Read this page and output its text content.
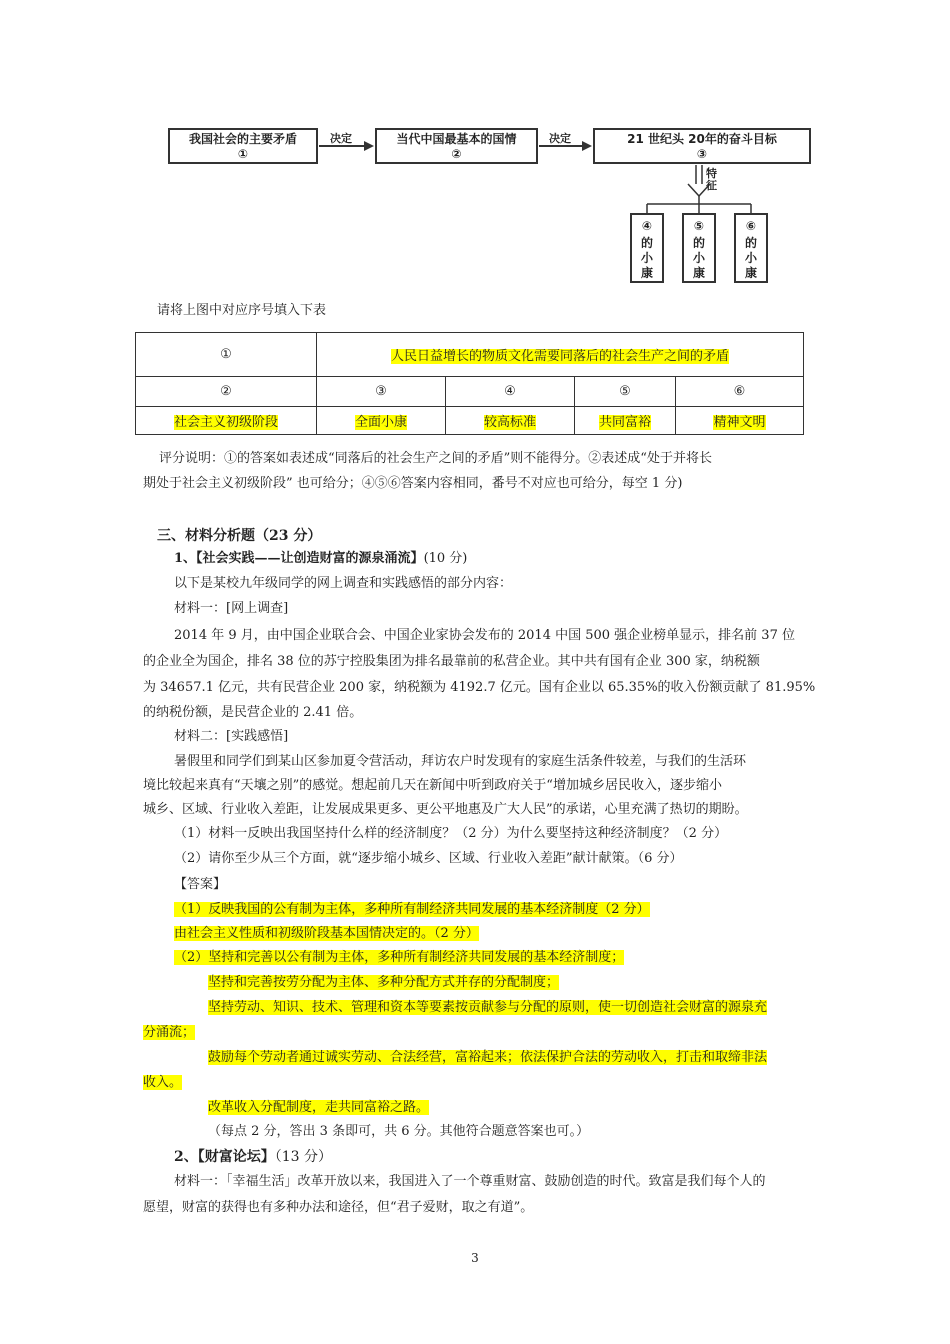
我国社会的主要矛盾
①
当代中国最基本的国情
②
21 世纪头 20年的奋斗目标
③
决定	决定
特征
④
的小康
⑤
的小康
⑥
的小康

请将上图中对应序号填入下表

①	人民日益增长的物质文化需要同落后的社会生产之间的矛盾			
②	③	④	⑤	⑥
社会主义初级阶段	全面小康	较高标准	共同富裕	精神文明

评分说明：①的答案如表述成“同落后的社会生产之间的矛盾”则不能得分。②表述成“处于并将长

期处于社会主义初级阶段” 也可给分；④⑤⑥答案内容相同，番号不对应也可给分，每空 1 分)

三、材料分析题（23 分）

1、【社会实践——让创造财富的源泉涌流】(10 分)

以下是某校九年级同学的网上调查和实践感悟的部分内容：

材料一：[网上调查]

2014 年 9 月，由中国企业联合会、中国企业家协会发布的 2014 中国 500 强企业榜单显示，排名前 37 位

的企业全为国企，排名 38 位的苏宁控股集团为排名最靠前的私营企业。其中共有国有企业 300 家，纳税额

为 34657.1 亿元，共有民营企业 200 家，纳税额为 4192.7 亿元。国有企业以 65.35%的收入份额贡献了 81.95%

的纳税份额，是民营企业的 2.41 倍。

材料二：[实践感悟]

暑假里和同学们到某山区参加夏令营活动，拜访农户时发现有的家庭生活条件较差，与我们的生活环

境比较起来真有“天壤之别”的感觉。想起前几天在新闻中听到政府关于“增加城乡居民收入，逐步缩小

城乡、区域、行业收入差距，让发展成果更多、更公平地惠及广大人民”的承诺，心里充满了热切的期盼。

（1）材料一反映出我国坚持什么样的经济制度？（2 分）为什么要坚持这种经济制度？（2 分）

（2）请你至少从三个方面，就“逐步缩小城乡、区域、行业收入差距”献计献策。（6 分）

【答案】

（1）反映我国的公有制为主体，多种所有制经济共同发展的基本经济制度（2 分）

由社会主义性质和初级阶段基本国情决定的。（2 分）

（2）坚持和完善以公有制为主体，多种所有制经济共同发展的基本经济制度；

坚持和完善按劳分配为主体、多种分配方式并存的分配制度；

坚持劳动、知识、技术、管理和资本等要素按贡献参与分配的原则，使一切创造社会财富的源泉充

分涌流；

鼓励每个劳动者通过诚实劳动、合法经营，富裕起来；依法保护合法的劳动收入，打击和取缔非法

收入。

改革收入分配制度，走共同富裕之路。

（每点 2 分，答出 3 条即可，共 6 分。其他符合题意答案也可。）

2、【财富论坛】（13 分）

材料一：「幸福生活」改革开放以来，我国进入了一个尊重财富、鼓励创造的时代。致富是我们每个人的

愿望，财富的获得也有多种办法和途径，但“君子爱财，取之有道”。

3
